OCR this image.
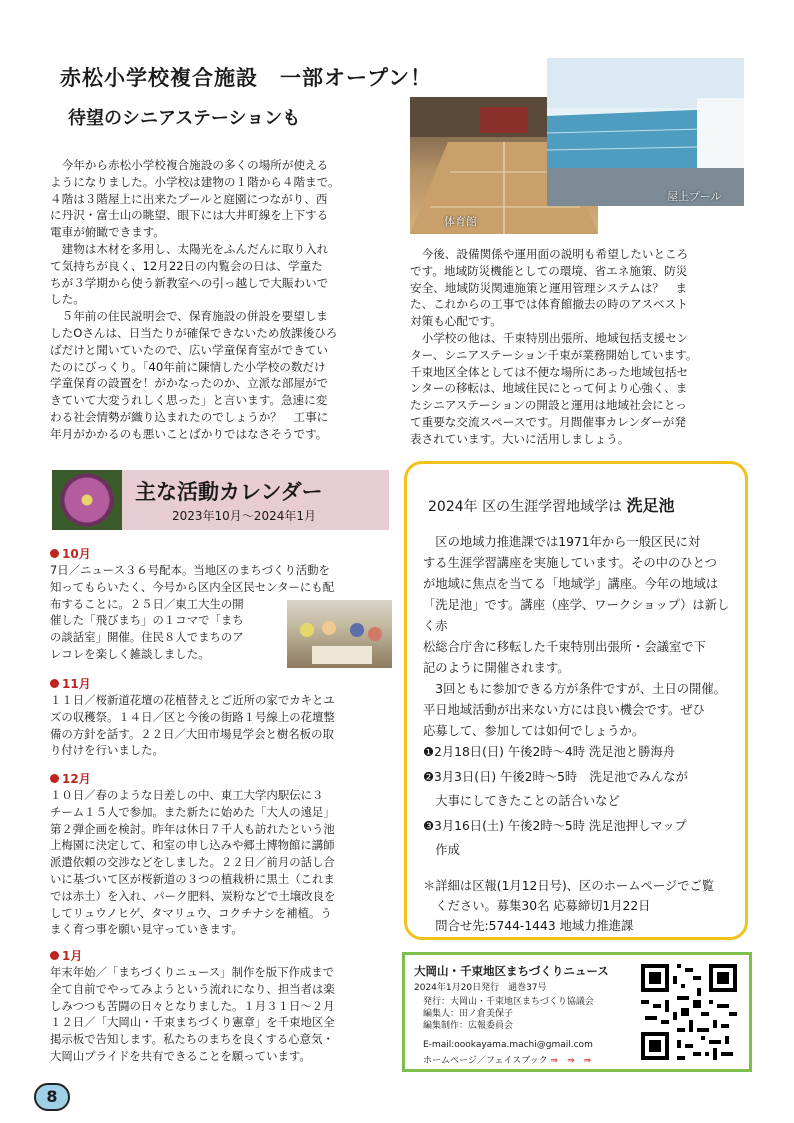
赤松小学校複合施設　一部オープン！
待望のシニアステーションも
体育館
屋上プール

　今年から赤松小学校複合施設の多くの場所が使える
ようになりました。小学校は建物の１階から４階まで。
４階は３階屋上に出来たプールと庭園につながり、西
に丹沢・富士山の眺望、眼下には大井町線を上下する
電車が俯瞰できます。
　建物は木材を多用し、太陽光をふんだんに取り入れ
て気持ちが良く、12月22日の内覧会の日は、学童た
ちが３学期から使う新教室への引っ越しで大賑わいで
した。
　５年前の住民説明会で、保育施設の併設を要望しま
したOさんは、日当たりが確保できないため放課後ひろ
ばだけと聞いていたので、広い学童保育室ができてい
たのにびっくり。「40年前に陳情した小学校の数だけ
学童保育の設置を！がかなったのか、立派な部屋がで
きていて大変うれしく思った」と言います。急速に変
わる社会情勢が織り込まれたのでしょうか？　工事に
年月がかかるのも悪いことばかりではなさそうです。

　今後、設備関係や運用面の説明も希望したいところ
です。地域防災機能としての環境、省エネ施策、防災
安全、地域防災関連施策と運用管理システムは？　ま
た、これからの工事では体育館撤去の時のアスベスト
対策も心配です。
　小学校の他は、千束特別出張所、地域包括支援セン
ター、シニアステーション千束が業務開始しています。
千束地区全体としては不便な場所にあった地域包括セ
ンターの移転は、地域住民にとって何より心強く、ま
たシニアステーションの開設と運用は地域社会にとっ
て重要な交流スペースです。月間催事カレンダーが発
表されています。大いに活用しましょう。

主な活動カレンダー
2023年10月～2024年1月
10月

7日／ニュース３６号配本。当地区のまちづくり活動を
知ってもらいたく、今号から区内全区民センターにも配
布することに。２５日／東工大生の開
催した「飛びまち」の１コマで「まち
の談話室」開催。住民８人でまちのア
レコレを楽しく雑談しました。

11月

１１日／桜新道花壇の花植替えとご近所の家でカキとユ
ズの収穫祭。１４日／区と今後の街路１号線上の花壇整
備の方針を話す。２２日／大田市場見学会と樹名板の取
り付けを行いました。

12月

１０日／春のような日差しの中、東工大学内駅伝に３
チーム１５人で参加。また新たに始めた「大人の遠足」
第２弾企画を検討。昨年は休日７千人も訪れたという池
上梅園に決定して、和室の申し込みや郷土博物館に講師
派遣依頼の交渉などをしました。２２日／前月の話し合
いに基づいて区が桜新道の３つの植栽枡に黒土（これま
では赤土）を入れ、パーク肥料、炭粉などで土壌改良を
してリュウノヒゲ、タマリュウ、コクチナシを補植。う
まく育つ事を願い見守っていきます。

1月

年末年始／「まちづくりニュース」制作を版下作成まで
全て自前でやってみようという流れになり、担当者は楽
しみつつも苦闘の日々となりました。１月３１日～２月
１２日／「大岡山・千束まちづくり憲章」を千束地区全
掲示板で告知します。私たちのまちを良くする心意気・
大岡山プライドを共有できることを願っています。

2024年 区の生涯学習地域学は 洗足池

　区の地域力推進課では1971年から一般区民に対
する生涯学習講座を実施しています。その中のひとつ
が地域に焦点を当てる「地域学」講座。今年の地域は
「洗足池」です。講座（座学、ワークショップ）は新しく赤
松総合庁舎に移転した千束特別出張所・会議室で下
記のように開催されます。
　3回ともに参加できる方が条件ですが、土日の開催。
平日地域活動が出来ない方には良い機会です。ぜひ
応募して、参加しては如何でしょうか。

❶2月18日(日) 午後2時～4時 洗足池と勝海舟
❷3月3日(日) 午後2時～5時　洗足池でみんなが
　大事にしてきたことの話合いなど
❸3月16日(土) 午後2時～5時 洗足池押しマップ
　作成

＊詳細は区報(1月12日号)、区のホームページでご覧
　ください。募集30名 応募締切1月22日
　問合せ先:5744‐1443 地域力推進課

大岡山・千束地区まちづくりニュース
2024年1月20日発行　通巻37号

発行：大岡山・千束地区まちづくり協議会
編集人：田ノ倉美保子
編集制作：広報委員会

E-mail:oookayama.machi@gmail.com
ホームページ／フェイスブック ⇒　⇒　⇒
8
